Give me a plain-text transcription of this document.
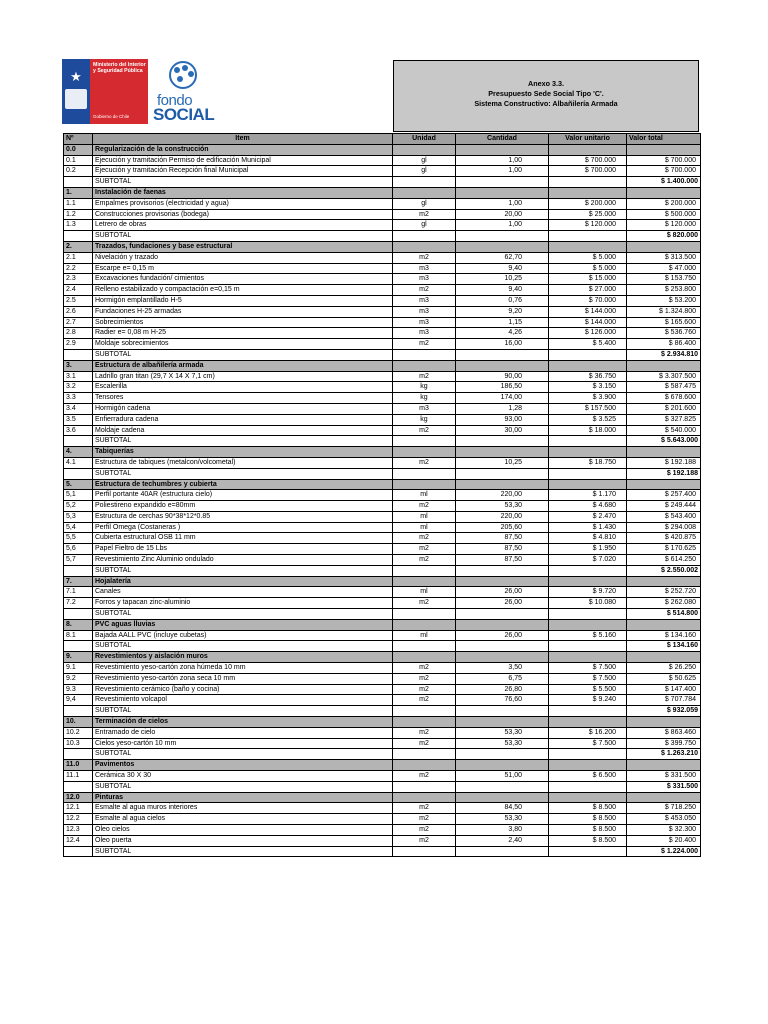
★
Ministerio del Interior y Seguridad Pública
Gobierno de Chile
fondo
SOCIAL
Anexo 3.3.
Presupuesto Sede Social Tipo 'C'.
Sistema Constructivo: Albañilería Armada
Nº	Item	Unidad	Cantidad	Valor unitario	Valor total
0.0	Regularización de la construcción				
0.1	Ejecución y tramitación Permiso de edificación Municipal	gl	1,00	$ 700.000	$ 700.000
0.2	Ejecución y tramitación Recepción final Municipal	gl	1,00	$ 700.000	$ 700.000
	SUBTOTAL				$ 1.400.000
1.	Instalación de faenas				
1.1	Empalmes provisorios (electricidad y agua)	gl	1,00	$ 200.000	$ 200.000
1.2	Construcciones provisorias (bodega)	m2	20,00	$ 25.000	$ 500.000
1.3	Letrero de obras	gl	1,00	$ 120.000	$ 120.000
	SUBTOTAL				$ 820.000
2.	Trazados, fundaciones y base estructural				
2.1	Nivelación y trazado	m2	62,70	$ 5.000	$ 313.500
2.2	Escarpe e= 0,15 m	m3	9,40	$ 5.000	$ 47.000
2.3	Excavaciones fundación/ cimientos	m3	10,25	$ 15.000	$ 153.750
2.4	Relleno estabilizado y compactación e=0,15 m	m2	9,40	$ 27.000	$ 253.800
2.5	Hormigón emplantillado H-5	m3	0,76	$ 70.000	$ 53.200
2.6	Fundaciones H-25 armadas	m3	9,20	$ 144.000	$ 1.324.800
2.7	Sobrecimientos	m3	1,15	$ 144.000	$ 165.600
2.8	Radier e= 0,08 m H-25	m3	4,26	$ 126.000	$ 536.760
2.9	Moldaje sobrecimientos	m2	16,00	$ 5.400	$ 86.400
	SUBTOTAL				$ 2.934.810
3.	Estructura de albañilería armada				
3.1	Ladrillo gran titan (29,7 X 14 X 7,1 cm)	m2	90,00	$ 36.750	$ 3.307.500
3.2	Escalerilla	kg	186,50	$ 3.150	$ 587.475
3.3	Tensores	kg	174,00	$ 3.900	$ 678.600
3.4	Hormigón cadena	m3	1,28	$ 157.500	$ 201.600
3.5	Enfierradura cadena	kg	93,00	$ 3.525	$ 327.825
3.6	Moldaje cadena	m2	30,00	$ 18.000	$ 540.000
	SUBTOTAL				$ 5.643.000
4.	Tabiquerías				
4.1	Estructura de tabiques (metalcon/volcometal)	m2	10,25	$ 18.750	$ 192.188
	SUBTOTAL				$ 192.188
5.	Estructura de techumbres y cubierta				
5,1	Perfil portante 40AR (estructura cielo)	ml	220,00	$ 1.170	$ 257.400
5,2	Poliestireno expandido e=80mm	m2	53,30	$ 4.680	$ 249.444
5,3	Estructura de cerchas 90*38*12*0.85	ml	220,00	$ 2.470	$ 543.400
5,4	Perfil Omega (Costaneras )	ml	205,60	$ 1.430	$ 294.008
5,5	Cubierta estructural OSB 11 mm	m2	87,50	$ 4.810	$ 420.875
5,6	Papel Fieltro de 15 Lbs	m2	87,50	$ 1.950	$ 170.625
5,7	Revestimiento Zinc Aluminio ondulado	m2	87,50	$ 7.020	$ 614.250
	SUBTOTAL				$ 2.550.002
7.	Hojalatería				
7.1	Canales	ml	26,00	$ 9.720	$ 252.720
7.2	Forros y tapacan zinc-aluminio	m2	26,00	$ 10.080	$ 262.080
	SUBTOTAL				$ 514.800
8.	PVC aguas lluvias				
8.1	Bajada AALL PVC (incluye cubetas)	ml	26,00	$ 5.160	$ 134.160
	SUBTOTAL				$ 134.160
9.	Revestimientos y aislación muros				
9.1	Revestimiento yeso-cartón zona húmeda 10 mm	m2	3,50	$ 7.500	$ 26.250
9.2	Revestimiento yeso-cartón zona seca 10 mm	m2	6,75	$ 7.500	$ 50.625
9.3	Revestimiento cerámico (baño y cocina)	m2	26,80	$ 5.500	$ 147.400
9,4	Revestimiento volcapol	m2	76,60	$ 9.240	$ 707.784
	SUBTOTAL				$ 932.059
10.	Terminación de cielos				
10.2	Entramado de cielo	m2	53,30	$ 16.200	$ 863.460
10.3	Cielos yeso-cartón 10 mm	m2	53,30	$ 7.500	$ 399.750
	SUBTOTAL				$ 1.263.210
11.0	Pavimentos				
11.1	Cerámica 30 X 30	m2	51,00	$ 6.500	$ 331.500
	SUBTOTAL				$ 331.500
12.0	Pinturas				
12.1	Esmalte al agua muros interiores	m2	84,50	$ 8.500	$ 718.250
12.2	Esmalte al agua cielos	m2	53,30	$ 8.500	$ 453.050
12.3	Óleo cielos	m2	3,80	$ 8.500	$ 32.300
12.4	Óleo puerta	m2	2,40	$ 8.500	$ 20.400
	SUBTOTAL				$ 1.224.000
